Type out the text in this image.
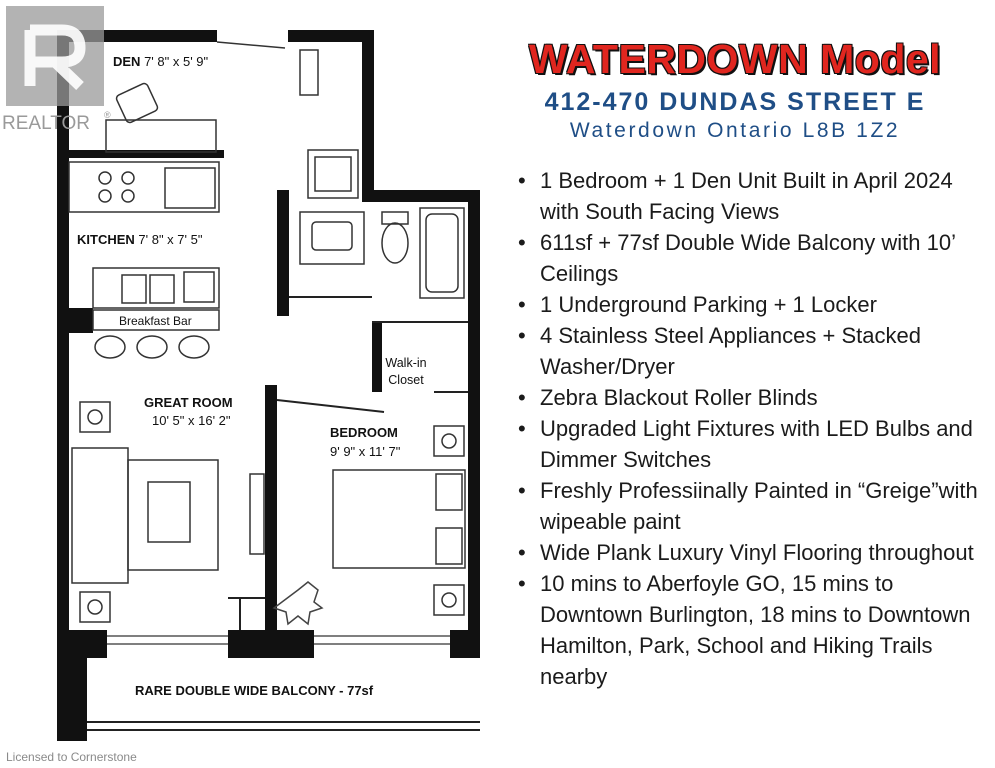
REALTOR ®
DEN 7' 8" x 5' 9"
KITCHEN 7' 8" x 7' 5"
Breakfast Bar
GREAT ROOM
10' 5" x 16' 2"
Walk-in
Closet
BEDROOM
9' 9" x 11' 7"
RARE DOUBLE WIDE BALCONY - 77sf
WATERDOWN Model
412-470 DUNDAS STREET E
Waterdown Ontario L8B 1Z2
• 1 Bedroom + 1 Den Unit Built in April 2024 with South Facing Views
• 611sf + 77sf Double Wide Balcony with 10’ Ceilings
• 1 Underground Parking + 1 Locker
• 4 Stainless Steel Appliances + Stacked Washer/Dryer
• Zebra Blackout Roller Blinds
• Upgraded Light Fixtures with LED Bulbs and Dimmer Switches
• Freshly Professiinally Painted in “Greige”with wipeable paint
• Wide Plank Luxury Vinyl Flooring throughout
• 10 mins to Aberfoyle GO, 15 mins to Downtown Burlington, 18 mins to Downtown Hamilton, Park, School and Hiking Trails nearby
Licensed to Cornerstone
